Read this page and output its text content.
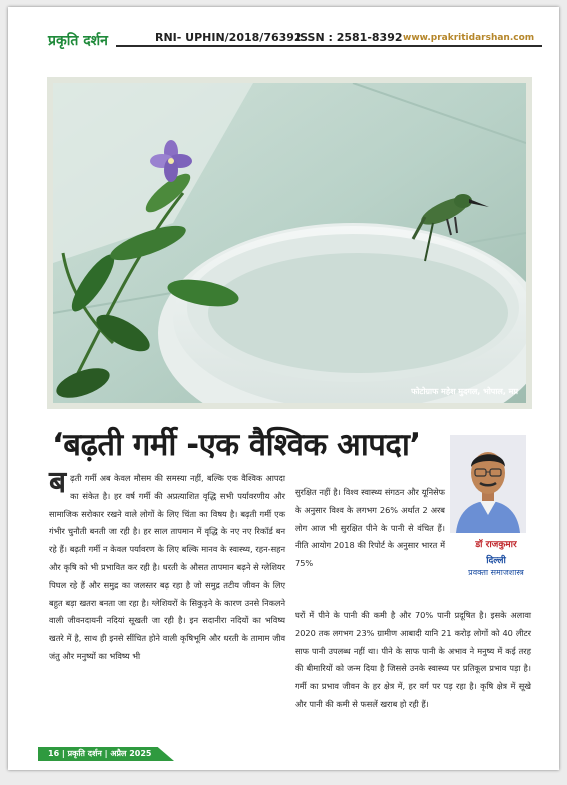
प्रकृति दर्शन	RNI- UPHIN/2018/76392
ISSN : 2581-8392 www.prakritidarshan.com
फोटोग्राफ महेश मुदगल, भोपाल, मप्र
‘बढ़ती गर्मी -एक वैश्विक आपदा’
डॉ राजकुमार
दिल्ली
प्रवक्ता समाजशास्त्र
ब ढ़ती गर्मी अब केवल मौसम की समस्या नहीं, बल्कि एक वैश्विक आपदा का संकेत है। हर वर्ष गर्मी की अप्रत्याशित वृद्धि सभी पर्यावरणीय और सामाजिक सरोकार रखने वाले लोगों के लिए चिंता का विषय है। बढ़ती गर्मी एक गंभीर चुनौती बनती जा रही है। हर साल तापमान में वृद्धि के नए नए रिकॉर्ड बन रहे हैं। बढ़ती गर्मी न केवल पर्यावरण के लिए बल्कि मानव के स्वास्थ्य, रहन-सहन और कृषि को भी प्रभावित कर रही है। धरती के औसत तापमान बढ़ने से ग्लेशियर पिघल रहे हैं और समुद्र का जलस्तर बढ़ रहा है जो समुद्र तटीय जीवन के लिए बहुत बड़ा खतरा बनता जा रहा है। ग्लेशियरों के सिकुड़ने के कारण उनसे निकलने वाली जीवनदायनी नदियां सूखती जा रही है। इन सदानीरा नदियों का भविष्य खतरे में है, साथ ही इनसे सींचित होने वाली कृषिभूमि और धरती के तामाम जीव जंतु और मनुष्यों का भविष्य भी
सुरक्षित नहीं है। विश्व स्वास्थ्य संगठन और यूनिसेफ के अनुसार विश्व के लगभग 26% अर्थात 2 अरब लोग आज भी सुरक्षित पीने के पानी से वंचित हैं। नीति आयोग 2018 की रिपोर्ट के अनुसार भारत में 75%
घरों में पीने के पानी की कमी है और 70% पानी प्रदूषित है। इसके अलावा 2020 तक लगभग 23% ग्रामीण आबादी यानि 21 करोड़ लोगों को 40 लीटर साफ पानी उपलब्ध नहीं था। पीने के साफ पानी के अभाव ने मनुष्य में कई तरह की बीमारियों को जन्म दिया है जिससे उनके स्वास्थ्य पर प्रतिकूल प्रभाव पड़ा है। गर्मी का प्रभाव जीवन के हर क्षेत्र में, हर वर्ग पर पड़ रहा है। कृषि क्षेत्र में सूखे और पानी की कमी से फसलें खराब हो रही हैं।
16 | प्रकृति दर्शन | अप्रैल 2025
